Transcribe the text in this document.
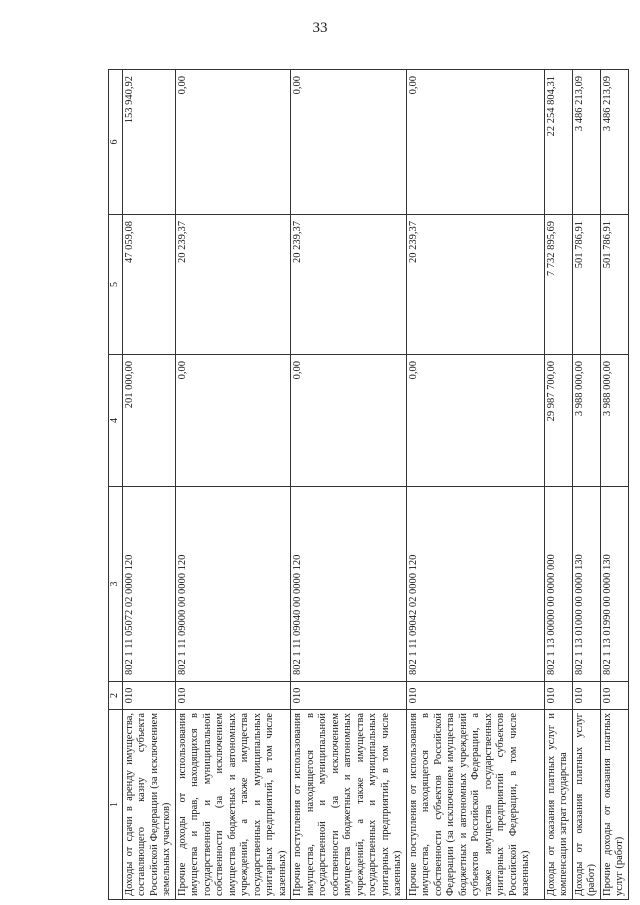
33
1	2	3	4	5	6
Доходы от сдачи в аренду имущества, составляющего казну субъекта Российской Федерации (за исключением земельных участков)	010	802 1 11 05072 02 0000 120	201 000,00	47 059,08	153 940,92
Прочие доходы от использования имущества и прав, находящихся в государственной и муниципальной собственности (за исключением имущества бюджетных и автономных учреждений, а также имущества государственных и муниципальных унитарных предприятий, в том числе казенных)	010	802 1 11 09000 00 0000 120	0,00	20 239,37	0,00
Прочие поступления от использования имущества, находящегося в государственной и муниципальной собственности (за исключением имущества бюджетных и автономных учреждений, а также имущества государственных и муниципальных унитарных предприятий, в том числе казенных)	010	802 1 11 09040 00 0000 120	0,00	20 239,37	0,00
Прочие поступления от использования имущества, находящегося в собственности субъектов Российской Федерации (за исключением имущества бюджетных и автономных учреждений субъектов Российской Федерации, а также имущества государственных унитарных предприятий субъектов Российской Федерации, в том числе казенных)	010	802 1 11 09042 02 0000 120	0,00	20 239,37	0,00
Доходы от оказания платных услуг и компенсации затрат государства	010	802 1 13 00000 00 0000 000	29 987 700,00	7 732 895,69	22 254 804,31
Доходы от оказания платных услуг (работ)	010	802 1 13 01000 00 0000 130	3 988 000,00	501 786,91	3 486 213,09
Прочие доходы от оказания платных услуг (работ)	010	802 1 13 01990 00 0000 130	3 988 000,00	501 786,91	3 486 213,09
